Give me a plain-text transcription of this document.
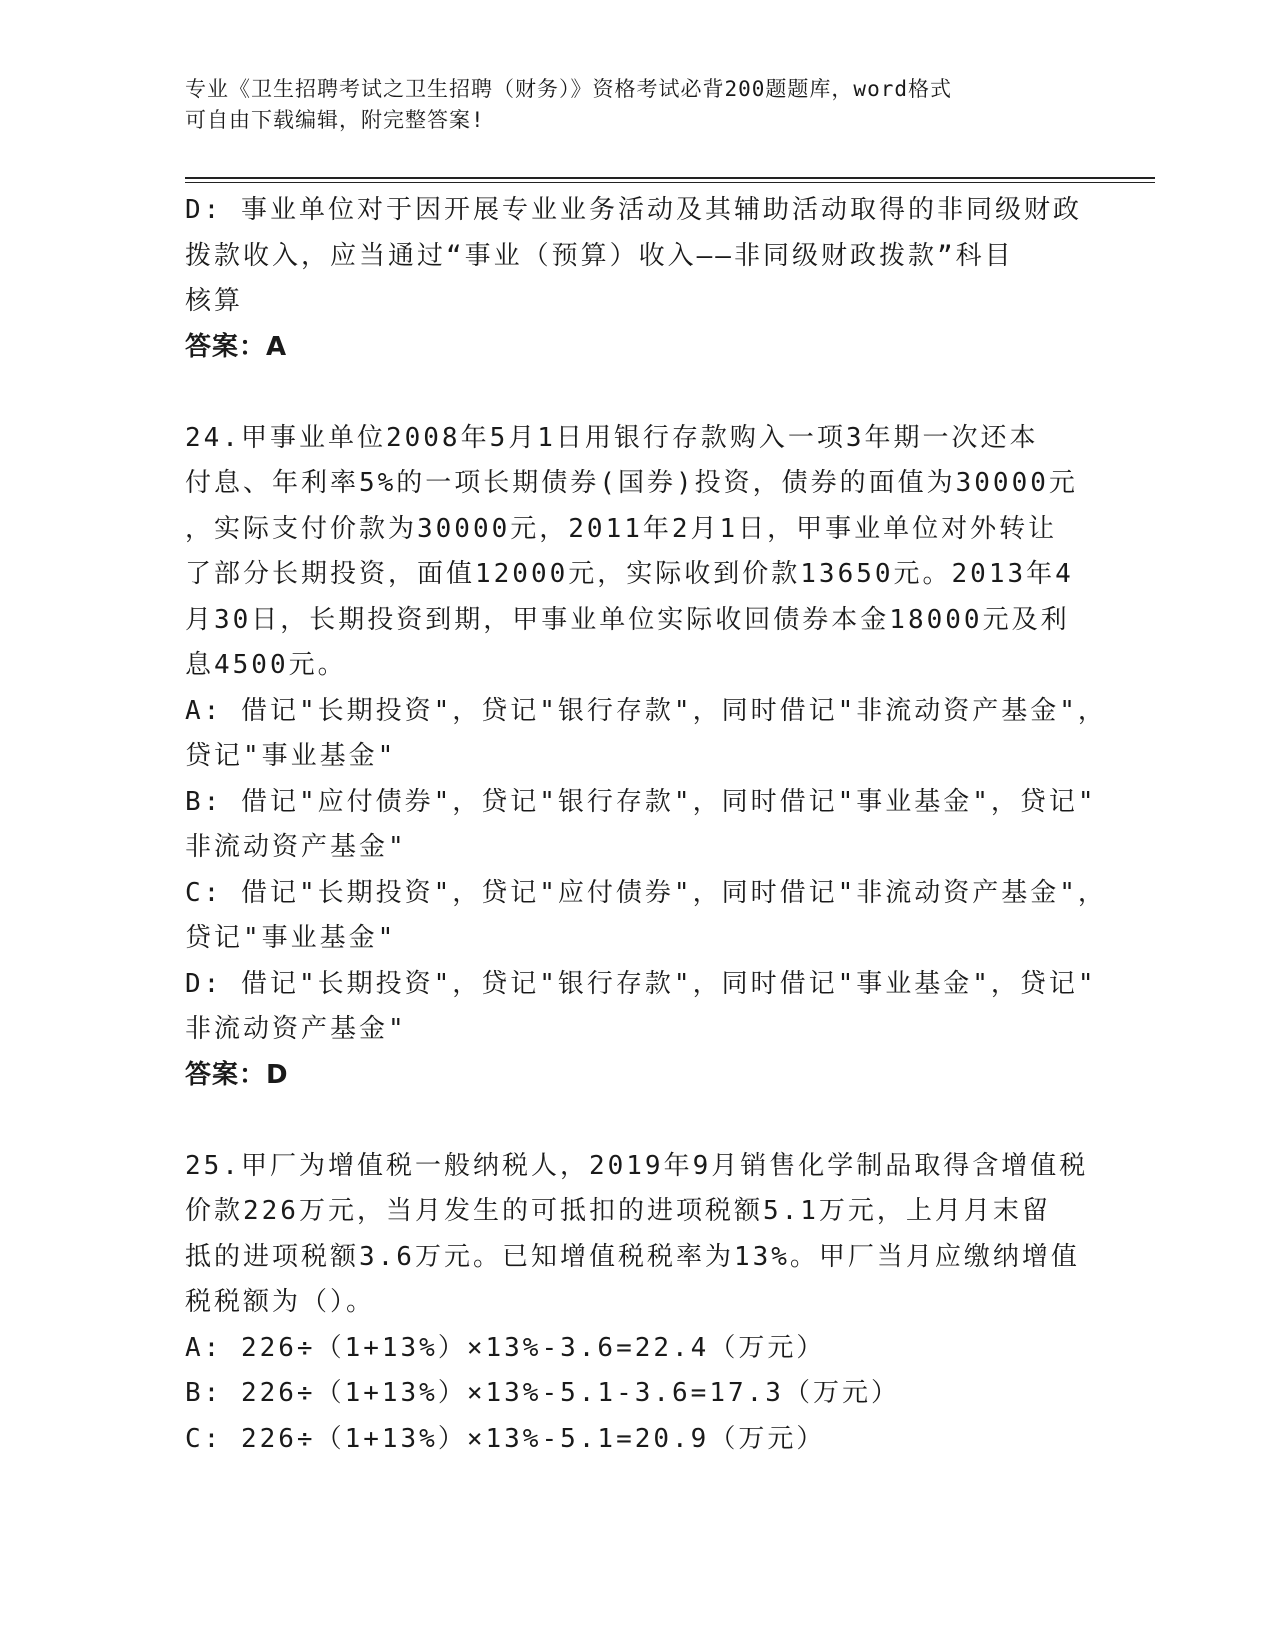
专业《卫生招聘考试之卫生招聘（财务）》资格考试必背200题题库，word格式
可自由下载编辑，附完整答案!
D: 事业单位对于因开展专业业务活动及其辅助活动取得的非同级财政
拨款收入，应当通过“事业（预算）收入——非同级财政拨款”科目
核算
答案：A
24.甲事业单位2008年5月1日用银行存款购入一项3年期一次还本
付息、年利率5%的一项长期债券(国券)投资，债券的面值为30000元
，实际支付价款为30000元，2011年2月1日，甲事业单位对外转让
了部分长期投资，面值12000元，实际收到价款13650元。2013年4
月30日，长期投资到期，甲事业单位实际收回债券本金18000元及利
息4500元。
A: 借记"长期投资"，贷记"银行存款"，同时借记"非流动资产基金"，
贷记"事业基金"
B: 借记"应付债券"，贷记"银行存款"，同时借记"事业基金"，贷记"
非流动资产基金"
C: 借记"长期投资"，贷记"应付债券"，同时借记"非流动资产基金"，
贷记"事业基金"
D: 借记"长期投资"，贷记"银行存款"，同时借记"事业基金"，贷记"
非流动资产基金"
答案：D
25.甲厂为增值税一般纳税人，2019年9月销售化学制品取得含增值税
价款226万元，当月发生的可抵扣的进项税额5.1万元，上月月末留
抵的进项税额3.6万元。已知增值税税率为13%。甲厂当月应缴纳增值
税税额为（）。
A: 226÷（1+13%）×13%-3.6=22.4（万元）
B: 226÷（1+13%）×13%-5.1-3.6=17.3（万元）
C: 226÷（1+13%）×13%-5.1=20.9（万元）
